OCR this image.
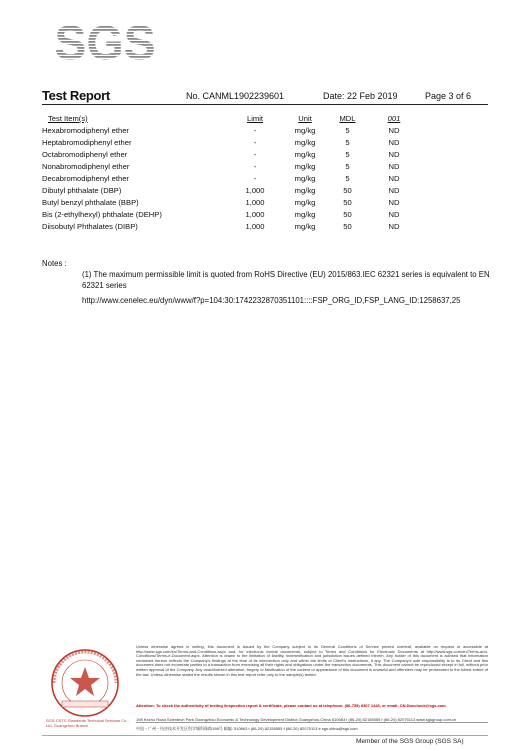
SGS
Test Report	No. CANML1902239601	Date: 22 Feb 2019	Page 3 of 6
Test Item(s)	Limit	Unit	MDL	001
Hexabromodiphenyl ether	-	mg/kg	5	ND
Heptabromodiphenyl ether	-	mg/kg	5	ND
Octabromodiphenyl ether	-	mg/kg	5	ND
Nonabromodiphenyl ether	-	mg/kg	5	ND
Decabromodiphenyl ether	-	mg/kg	5	ND
Dibutyl phthalate (DBP)	1,000	mg/kg	50	ND
Butyl benzyl phthalate (BBP)	1,000	mg/kg	50	ND
Bis (2-ethylhexyl) phthalate (DEHP)	1,000	mg/kg	50	ND
Diisobutyl Phthalates (DIBP)	1,000	mg/kg	50	ND
Notes :
(1) The maximum permissible limit is quoted from RoHS Directive (EU) 2015/863.IEC 62321 series is equivalent to EN 62321 series
http://www.cenelec.eu/dyn/www/f?p=104:30:1742232870351101::::FSP_ORG_ID,FSP_LANG_ID:1258637,25
SGS-CSTC Standards Technical Services Co., Ltd. Guangzhou Branch
Unless otherwise agreed in writing, this document is issued by the Company subject to its General Conditions of Service printed overleaf, available on request or accessible at http://www.sgs.com/en/Terms-and-Conditions.aspx and, for electronic format documents, subject to Terms and Conditions for Electronic Documents at http://www.sgs.com/en/Terms-and-Conditions/Terms-e-Document.aspx. Attention is drawn to the limitation of liability, indemnification and jurisdiction issues defined therein. Any holder of this document is advised that information contained hereon reflects the Company's findings at the time of its intervention only and within the limits of Client's instructions, if any. The Company's sole responsibility is to its Client and this document does not exonerate parties to a transaction from exercising all their rights and obligations under the transaction documents. This document cannot be reproduced except in full, without prior written approval of the Company. Any unauthorized alteration, forgery or falsification of the content or appearance of this document is unlawful and offenders may be prosecuted to the fullest extent of the law. Unless otherwise stated the results shown in this test report refer only to the sample(s) tested.
Attention: To check the authenticity of testing /inspection report & certificate, please contact us at telephone: (86-755) 8307 1443, or email: CN.Doccheck@sgs.com
198 Kezhu Road,Scientech Park Guangzhou Economic & Technology Development District,Guangzhou,China 510663 t (86-20) 82155555 f (86-20) 82075113 www.sgsgroup.com.cn
中国・广州・经济技术开发区科学城科珠路198号 邮编: 510663 t (86-20) 82155555 f (86-20) 82075113 e sgs.china@sgs.com
Member of the SGS Group (SGS SA)
